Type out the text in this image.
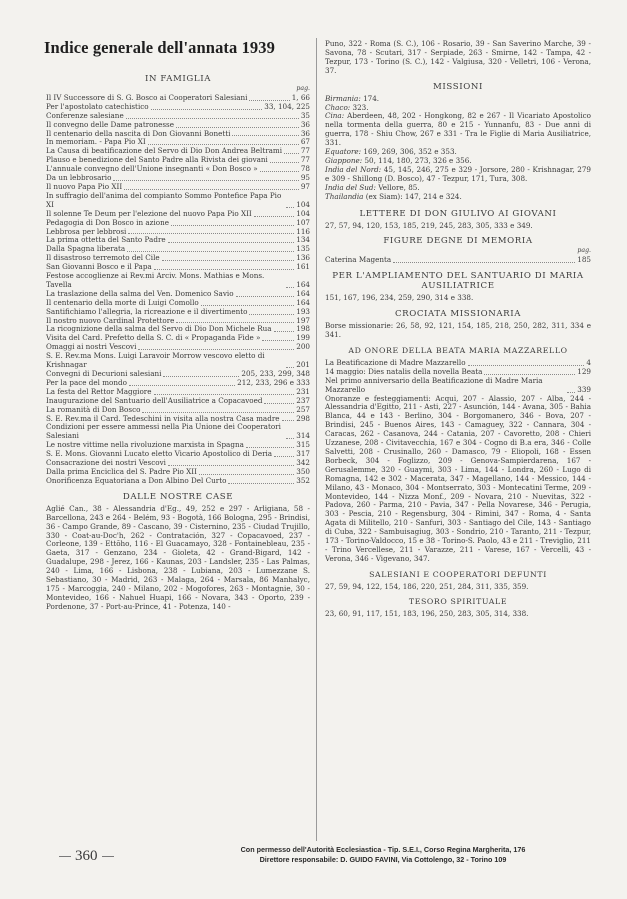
Indice generale dell'annata 1939
IN FAMIGLIA
pag.
Il IV Successore di S. G. Bosco ai Cooperatori Salesiani	1, 66
Per l'apostolato catechistico	33, 104, 225
Conferenze salesiane	35
Il convegno delle Dame patronesse	36
Il centenario della nascita di Don Giovanni Bonetti	36
In memoriam. - Papa Pio XI	67
La Causa di beatificazione del Servo di Dio Don Andrea Beltrami	77
Plauso e benedizione del Santo Padre alla Rivista dei giovani	77
L'annuale convegno dell'Unione insegnanti « Don Bosco »	78
Da un lebbrosario	95
Il nuovo Papa Pio XII	97
In suffragio dell'anima del compianto Sommo Pontefice Papa Pio XI	104
Il solenne Te Deum per l'elezione del nuovo Papa Pio XII	104
Pedagogia di Don Bosco in azione	107
Lebbrosa per lebbrosi	116
La prima ottetta del Santo Padre	134
Dalla Spagna liberata	135
Il disastroso terremoto del Cile	136
San Giovanni Bosco e il Papa	161
Festose accoglienze ai Rev.mi Arciv. Mons. Mathias e Mons. Tavella	164
La traslazione della salma del Ven. Domenico Savio	164
Il centenario della morte di Luigi Comollo	164
Santifichiamo l'allegria, la ricreazione e il divertimento	193
Il nostro nuovo Cardinal Protettore	197
La ricognizione della salma del Servo di Dio Don Michele Rua	198
Visita del Card. Prefetto della S. C. di « Propaganda Fide »	199
Omaggi ai nostri Vescovi	200
S. E. Rev.ma Mons. Luigi Laravoir Morrow vescovo eletto di Krishnagar	201
Convegni di Decurioni salesiani	205, 233, 299, 348
Per la pace del mondo	212, 233, 296 e 333
La festa del Rettor Maggiore	231
Inaugurazione del Santuario dell'Ausiliatrice a Copacavoed	237
La romanità di Don Bosco	257
S. E. Rev.ma il Card. Tedeschini in visita alla nostra Casa madre 298
Condizioni per essere ammessi nella Pia Unione dei Cooperatori Salesiani	314
Le nostre vittime nella rivoluzione marxista in Spagna	315
S. E. Mons. Giovanni Lucato eletto Vicario Apostolico di Deria	317
Consacrazione dei nostri Vescovi	342
Dalla prima Enciclica del S. Padre Pio XII	350
Onorificenza Equatoriana a Don Albino Del Curto	352
DALLE NOSTRE CASE
Aglié Can., 38 - Alessandria d'Eg., 49, 252 e 297 - Arligiana, 58 - Barcellona, 243 e 264 - Belém, 93 - Bogotà, 166 Bologna, 295 - Brindisi, 36 - Campo Grande, 89 - Cascano, 39 - Cisternino, 235 - Ciudad Trujillo, 330 - Coat-au-Doc'h, 262 - Contratación, 327 - Copacavoed, 237 - Corleone, 139 - Ettōho, 116 - El Guacamayo, 328 - Fontainebleau, 235 - Gaeta, 317 - Genzano, 234 - Gioleta, 42 - Grand-Bigard, 142 - Guadalupe, 298 - Jerez, 166 - Kaunas, 203 - Landsler, 235 - Las Palmas, 240 - Lima, 166 - Lisbona, 238 - Lubiana, 203 - Lumezzane S. Sebastiano, 30 - Madrid, 263 - Malaga, 264 - Marsala, 86 Manhalyc, 175 - Marcoggia, 240 - Milano, 202 - Mogofores, 263 - Montagnie, 30 - Montevideo, 166 - Nahuel Huapi, 166 - Novara, 343 - Oporto, 239 - Pordenone, 37 - Port-au-Prince, 41 - Potenza, 140 -
Puno, 322 - Roma (S. C.), 106 - Rosario, 39 - San Saverino Marche, 39 - Savona, 78 - Scutari, 317 - Serpiade, 263 - Smirne, 142 - Tampa, 42 - Tezpur, 173 - Torino (S. C.), 142 - Valgiusa, 320 - Velletri, 106 - Verona, 37.
MISSIONI
Birmania: 174.
Chaco: 323.
Cina: Aberdeen, 48, 202 - Hongkong, 82 e 267 - Il Vicariato Apostolico nella tormenta della guerra, 80 e 215 - Yunnanfu, 83 - Due anni di guerra, 178 - Shiu Chow, 267 e 331 - Tra le Figlie di Maria Ausiliatrice, 331.
Equatore: 169, 269, 306, 352 e 353.
Giappone: 50, 114, 180, 273, 326 e 356.
India del Nord: 45, 145, 246, 275 e 329 - Jorsore, 280 - Krishnagar, 279 e 309 - Shillong (D. Bosco), 47 - Tezpur, 171, Tura, 308.
India del Sud: Vellore, 85.
Thailandia (ex Siam): 147, 214 e 324.
LETTERE DI DON GIULIVO AI GIOVANI
27, 57, 94, 120, 153, 185, 219, 245, 283, 305, 333 e 349.
FIGURE DEGNE DI MEMORIA
pag.
Caterina Magenta	185
PER L'AMPLIAMENTO DEL SANTUARIO DI MARIA AUSILIATRICE
151, 167, 196, 234, 259, 290, 314 e 338.
CROCIATA MISSIONARIA
Borse missionarie: 26, 58, 92, 121, 154, 185, 218, 250, 282, 311, 334 e 341.
AD ONORE DELLA BEATA MARIA MAZZARELLO
La Beatificazione di Madre Mazzarello	4
14 maggio: Dies natalis della novella Beata	129
Nel primo anniversario della Beatificazione di Madre Maria Mazzarello	339
Onoranze e festeggiamenti: Acqui, 207 - Alassio, 207 - Alba, 244 - Alessandria d'Egitto, 211 - Asti, 227 - Asunción, 144 - Avana, 305 - Bahia Blanca, 44 e 143 - Berlino, 304 - Borgomanero, 346 - Bova, 207 - Brindisi, 245 - Buenos Aires, 143 - Camaguey, 322 - Cannara, 304 - Caracas, 262 - Casanova, 244 - Catania, 207 - Cavoretto, 208 - Chieri Uzzanese, 208 - Civitavecchia, 167 e 304 - Cogno di B.a era, 346 - Colle Salvetti, 208 - Crusinallo, 260 - Damasco, 79 - Eliopoli, 168 - Essen Borbeck, 304 - Foglizzo, 209 - Genova-Sampierdarena, 167 - Gerusalemme, 320 - Guaymi, 303 - Lima, 144 - Londra, 260 - Lugo di Romagna, 142 e 302 - Macerata, 347 - Magellano, 144 - Messico, 144 - Milano, 43 - Monaco, 304 - Montserrato, 303 - Montecatini Terme, 209 - Montevideo, 144 - Nizza Monf., 209 - Novara, 210 - Nuevitas, 322 - Padova, 260 - Parma, 210 - Pavia, 347 - Pella Novarese, 346 - Perugia, 303 - Pescia, 210 - Regensburg, 304 - Rimini, 347 - Roma, 4 - Santa Agata di Militello, 210 - Sanfuri, 303 - Santiago del Cile, 143 - Santiago di Cuba, 322 - Sambuisagiug, 303 - Sondrio, 210 - Taranto, 211 - Tezpur, 173 - Torino-Valdocco, 15 e 38 - Torino-S. Paolo, 43 e 211 - Treviglio, 211 - Trino Vercellese, 211 - Varazze, 211 - Varese, 167 - Vercelli, 43 - Verona, 346 - Vigevano, 347.
SALESIANI E COOPERATORI DEFUNTI
27, 59, 94, 122, 154, 186, 220, 251, 284, 311, 335, 359.
TESORO SPIRITUALE
23, 60, 91, 117, 151, 183, 196, 250, 283, 305, 314, 338.
360	Con permesso dell'Autorità Ecclesiastica - Tip. S.E.I., Corso Regina Margherita, 176
Direttore responsabile: D. GUIDO FAVINI, Via Cottolengo, 32 - Torino 109
